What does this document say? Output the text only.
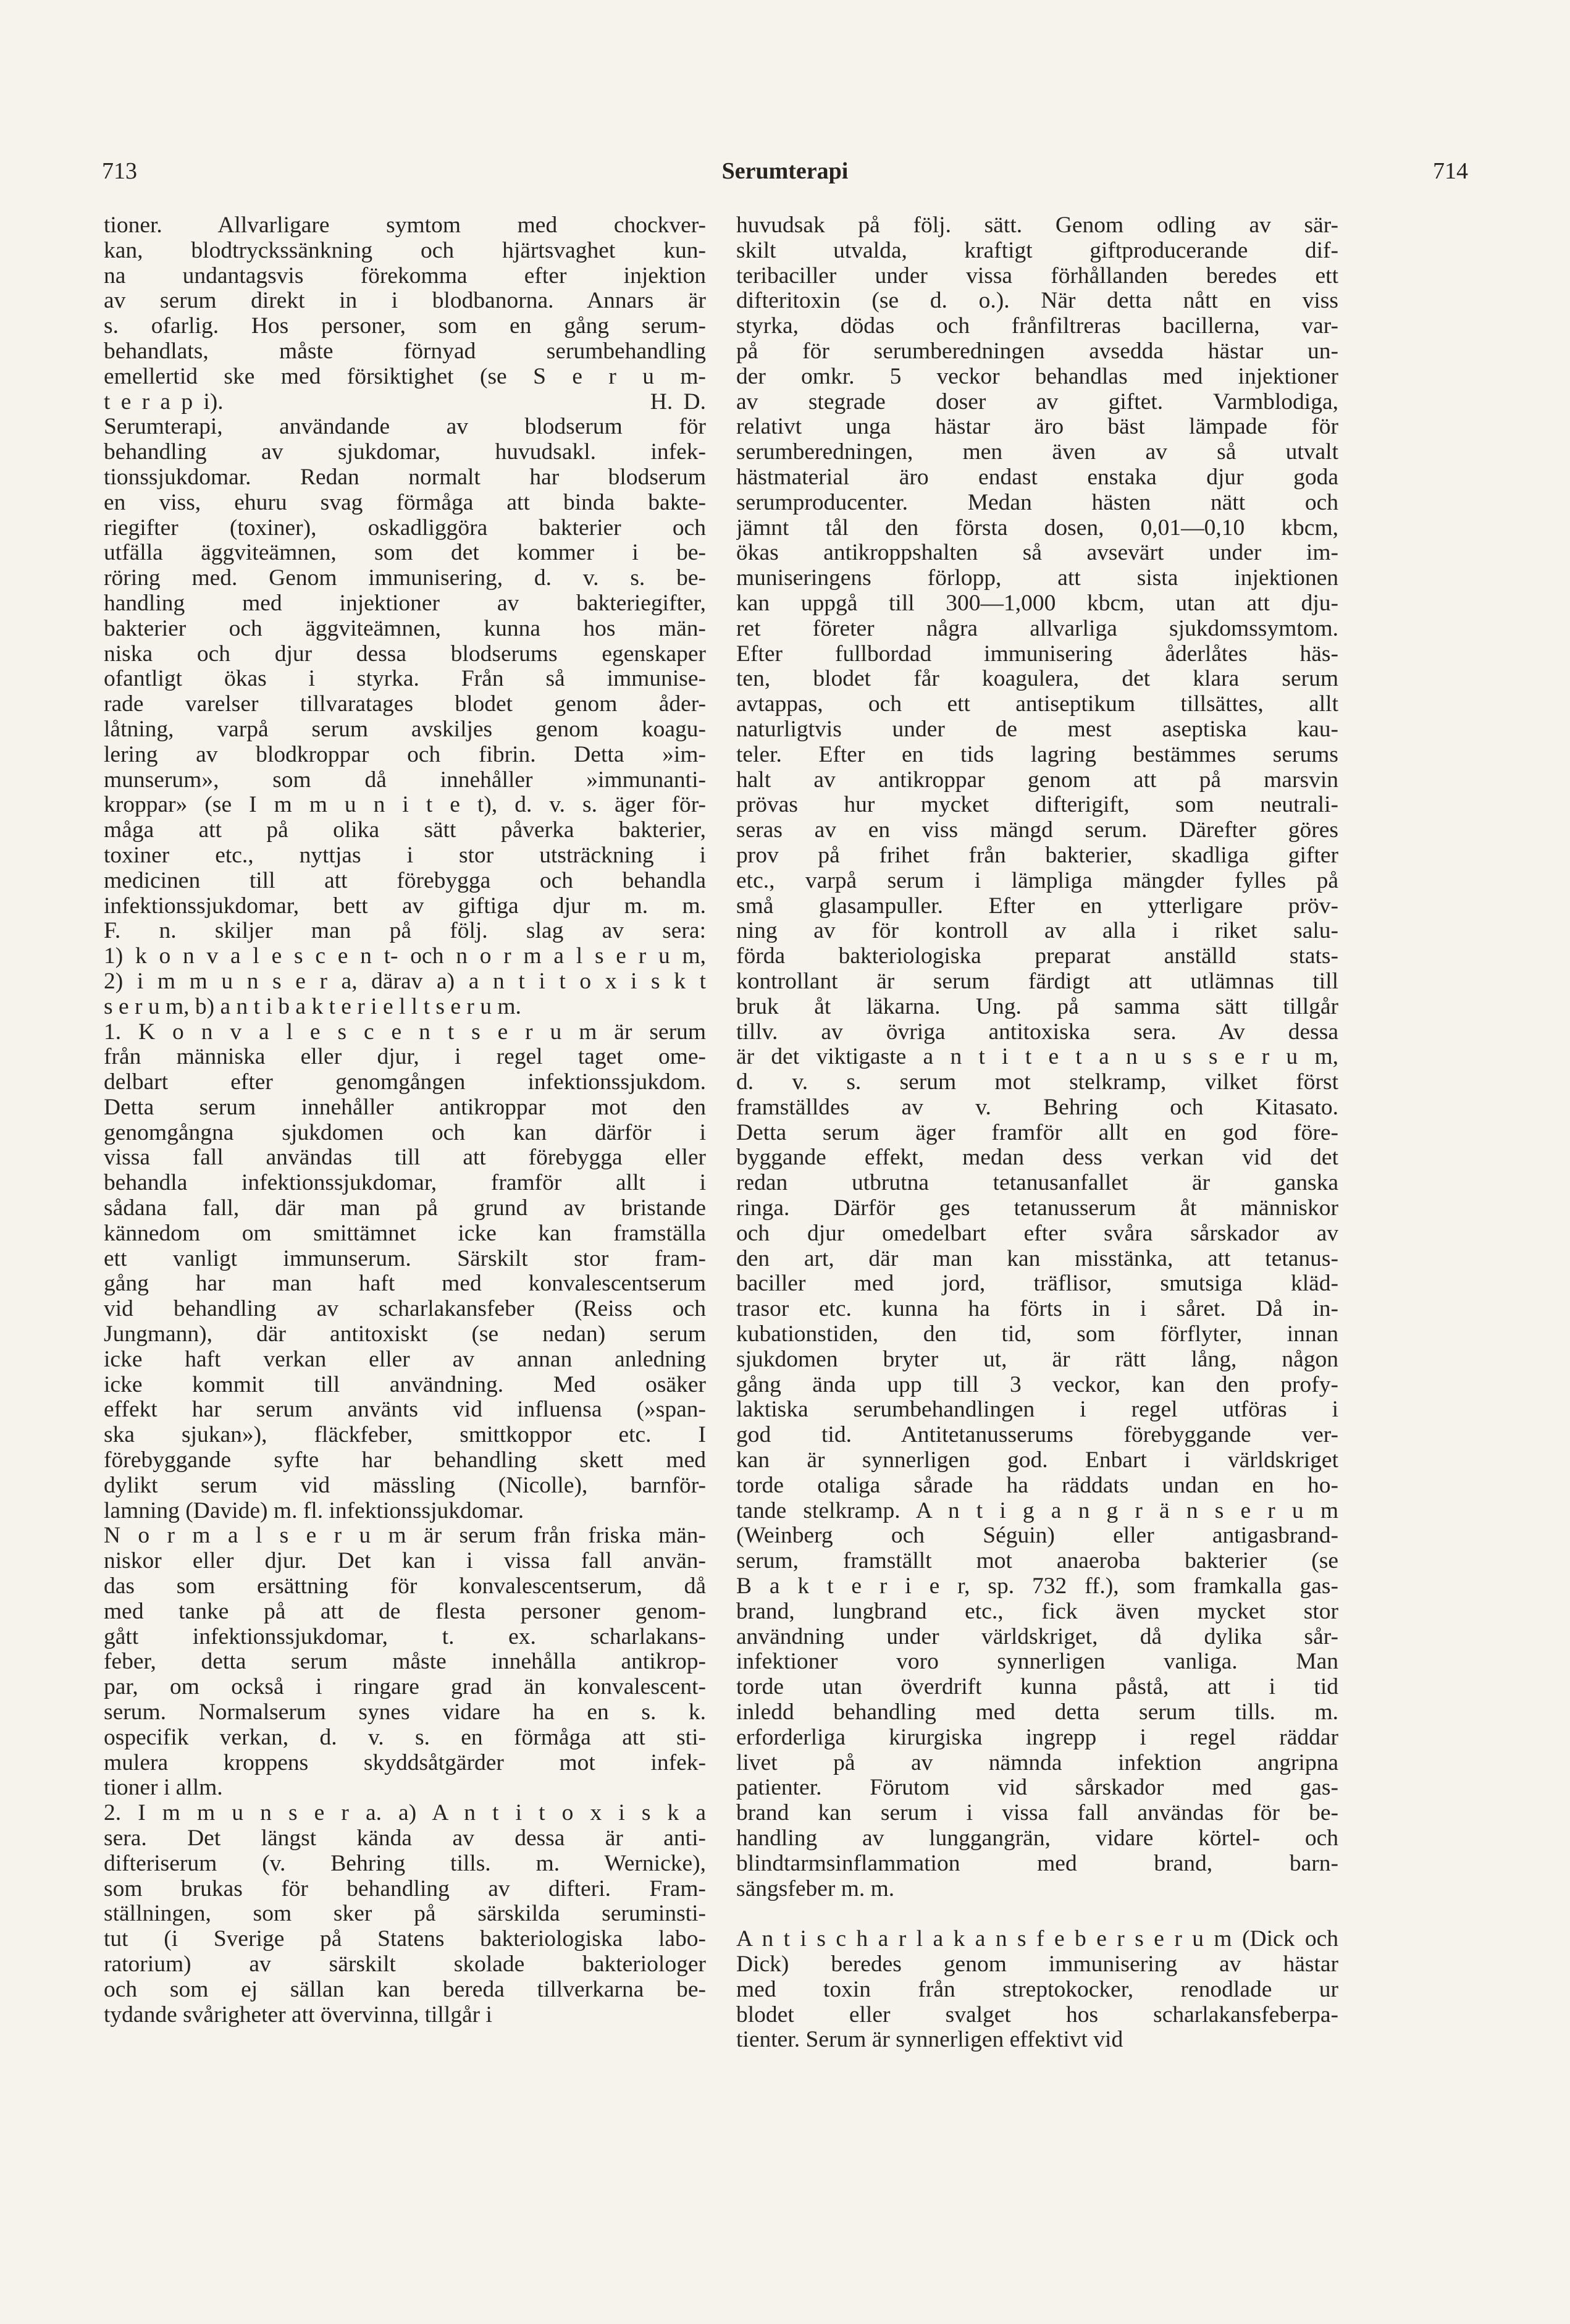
713	Serumterapi	714
tioner. Allvarligare symtom med chockver-
kan, blodtryckssänkning och hjärtsvaghet kun-
na undantagsvis förekomma efter injektion
av serum direkt in i blodbanorna. Annars är
s. ofarlig. Hos personer, som en gång serum-
behandlats, måste förnyad serumbehandling
emellertid ske med försiktighet (se S e r u m-
t e r a p i).                                        H. D.
Serumterapi, användande av blodserum för
behandling av sjukdomar, huvudsakl. infek-
tionssjukdomar. Redan normalt har blodserum
en viss, ehuru svag förmåga att binda bakte-
riegifter (toxiner), oskadliggöra bakterier och
utfälla äggviteämnen, som det kommer i be-
röring med. Genom immunisering, d. v. s. be-
handling med injektioner av bakteriegifter,
bakterier och äggviteämnen, kunna hos män-
niska och djur dessa blodserums egenskaper
ofantligt ökas i styrka. Från så immunise-
rade varelser tillvaratages blodet genom åder-
låtning, varpå serum avskiljes genom koagu-
lering av blodkroppar och fibrin. Detta »im-
munserum», som då innehåller »immunanti-
kroppar» (se I m m u n i t e t), d. v. s. äger för-
måga att på olika sätt påverka bakterier,
toxiner etc., nyttjas i stor utsträckning i
medicinen till att förebygga och behandla
infektionssjukdomar, bett av giftiga djur m. m.
F. n. skiljer man på följ. slag av sera:
1) k o n v a l e s c e n t- och n o r m a l s e r u m,
2) i m m u n s e r a, därav a) a n t i t o x i s k t
s e r u m, b) a n t i b a k t e r i e l l t s e r u m.
1. K o n v a l e s c e n t s e r u m är serum
från människa eller djur, i regel taget ome-
delbart efter genomgången infektionssjukdom.
Detta serum innehåller antikroppar mot den
genomgångna sjukdomen och kan därför i
vissa fall användas till att förebygga eller
behandla infektionssjukdomar, framför allt i
sådana fall, där man på grund av bristande
kännedom om smittämnet icke kan framställa
ett vanligt immunserum. Särskilt stor fram-
gång har man haft med konvalescentserum
vid behandling av scharlakansfeber (Reiss och
Jungmann), där antitoxiskt (se nedan) serum
icke haft verkan eller av annan anledning
icke kommit till användning. Med osäker
effekt har serum använts vid influensa (»span-
ska sjukan»), fläckfeber, smittkoppor etc. I
förebyggande syfte har behandling skett med
dylikt serum vid mässling (Nicolle), barnför-
lamning (Davide) m. fl. infektionssjukdomar.
N o r m a l s e r u m är serum från friska män-
niskor eller djur. Det kan i vissa fall använ-
das som ersättning för konvalescentserum, då
med tanke på att de flesta personer genom-
gått infektionssjukdomar, t. ex. scharlakans-
feber, detta serum måste innehålla antikrop-
par, om också i ringare grad än konvalescent-
serum. Normalserum synes vidare ha en s. k.
ospecifik verkan, d. v. s. en förmåga att sti-
mulera kroppens skyddsåtgärder mot infek-
tioner i allm.
2. I m m u n s e r a. a) A n t i t o x i s k a
sera. Det längst kända av dessa är anti-
difteriserum (v. Behring tills. m. Wernicke),
som brukas för behandling av difteri. Fram-
ställningen, som sker på särskilda seruminsti-
tut (i Sverige på Statens bakteriologiska labo-
ratorium) av särskilt skolade bakteriologer
och som ej sällan kan bereda tillverkarna be-
tydande svårigheter att övervinna, tillgår i
huvudsak på följ. sätt. Genom odling av sär-
skilt utvalda, kraftigt giftproducerande dif-
teribaciller under vissa förhållanden beredes ett
difteritoxin (se d. o.). När detta nått en viss
styrka, dödas och frånfiltreras bacillerna, var-
på för serumberedningen avsedda hästar un-
der omkr. 5 veckor behandlas med injektioner
av stegrade doser av giftet. Varmblodiga,
relativt unga hästar äro bäst lämpade för
serumberedningen, men även av så utvalt
hästmaterial äro endast enstaka djur goda
serumproducenter. Medan hästen nätt och
jämnt tål den första dosen, 0,01—0,10 kbcm,
ökas antikroppshalten så avsevärt under im-
muniseringens förlopp, att sista injektionen
kan uppgå till 300—1,000 kbcm, utan att dju-
ret företer några allvarliga sjukdomssymtom.
Efter fullbordad immunisering åderlåtes häs-
ten, blodet får koagulera, det klara serum
avtappas, och ett antiseptikum tillsättes, allt
naturligtvis under de mest aseptiska kau-
teler. Efter en tids lagring bestämmes serums
halt av antikroppar genom att på marsvin
prövas hur mycket difterigift, som neutrali-
seras av en viss mängd serum. Därefter göres
prov på frihet från bakterier, skadliga gifter
etc., varpå serum i lämpliga mängder fylles på
små glasampuller. Efter en ytterligare pröv-
ning av för kontroll av alla i riket salu-
förda bakteriologiska preparat anställd stats-
kontrollant är serum färdigt att utlämnas till
bruk åt läkarna. Ung. på samma sätt tillgår
tillv. av övriga antitoxiska sera. Av dessa
är det viktigaste a n t i t e t a n u s s e r u m,
d. v. s. serum mot stelkramp, vilket först
framställdes av v. Behring och Kitasato.
Detta serum äger framför allt en god före-
byggande effekt, medan dess verkan vid det
redan utbrutna tetanusanfallet är ganska
ringa. Därför ges tetanusserum åt människor
och djur omedelbart efter svåra sårskador av
den art, där man kan misstänka, att tetanus-
baciller med jord, träflisor, smutsiga kläd-
trasor etc. kunna ha förts in i såret. Då in-
kubationstiden, den tid, som förflyter, innan
sjukdomen bryter ut, är rätt lång, någon
gång ända upp till 3 veckor, kan den profy-
laktiska serumbehandlingen i regel utföras i
god tid. Antitetanusserums förebyggande ver-
kan är synnerligen god. Enbart i världskriget
torde otaliga sårade ha räddats undan en ho-
tande stelkramp. A n t i g a n g r ä n s e r u m
(Weinberg och Séguin) eller antigasbrand-
serum, framställt mot anaeroba bakterier (se
B a k t e r i e r, sp. 732 ff.), som framkalla gas-
brand, lungbrand etc., fick även mycket stor
användning under världskriget, då dylika sår-
infektioner voro synnerligen vanliga. Man
torde utan överdrift kunna påstå, att i tid
inledd behandling med detta serum tills. m.
erforderliga kirurgiska ingrepp i regel räddar
livet på av nämnda infektion angripna
patienter. Förutom vid sårskador med gas-
brand kan serum i vissa fall användas för be-
handling av lunggangrän, vidare körtel- och
blindtarmsinflammation med brand, barn-
sängsfeber m. m.
A n t i s c h a r l a k a n s f e b e r s e r u m (Dick och
Dick) beredes genom immunisering av hästar
med toxin från streptokocker, renodlade ur
blodet eller svalget hos scharlakansfeberpa-
tienter. Serum är synnerligen effektivt vid
